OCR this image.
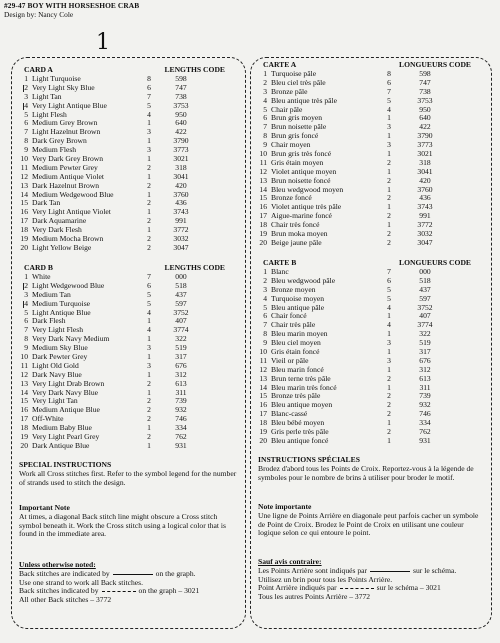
#29-47 BOY WITH HORSESHOE CRAB
Design by: Nancy Cole
1
CARD A	LENGTHS CODE
1 Light Turquoise	8	598
2 Very Light Sky Blue	6	747
3 Light Tan	7	738
4 Very Light Antique Blue	5	3753
5 Light Flesh	4	950
6 Medium Grey Brown	1	640
7 Light Hazelnut Brown	3	422
8 Dark Grey Brown	1	3790
9 Medium Flesh	3	3773
10 Very Dark Grey Brown	1	3021
11 Medium Pewter Grey	2	318
12 Medium Antique Violet	1	3041
13 Dark Hazelnut Brown	2	420
14 Medium Wedgewood Blue	1	3760
15 Dark Tan	2	436
16 Very Light Antique Violet	1	3743
17 Dark Aquamarine	2	991
18 Very Dark Flesh	1	3772
19 Medium Mocha Brown	2	3032
20 Light Yellow Beige	2	3047
CARD B	LENGTHS CODE
1 White	7	000
2 Light Wedgewood Blue	6	518
3 Medium Tan	5	437
4 Medium Turquoise	5	597
5 Light Antique Blue	4	3752
6 Dark Flesh	1	407
7 Very Light Flesh	4	3774
8 Very Dark Navy Medium	1	322
9 Medium Sky Blue	3	519
10 Dark Pewter Grey	1	317
11 Light Old Gold	3	676
12 Dark Navy Blue	1	312
13 Very Light Drab Brown	2	613
14 Very Dark Navy Blue	1	311
15 Very Light Tan	2	739
16 Medium Antique Blue	2	932
17 Off-White	2	746
18 Medium Baby Blue	1	334
19 Very Light Pearl Grey	2	762
20 Dark Antique Blue	1	931
SPECIAL INSTRUCTIONS

Work all Cross stitches first. Refer to the symbol legend for the number of strands used to stitch the design.

Important Note

At times, a diagonal Back stitch line might obscure a Cross stitch symbol beneath it. Work the Cross stitch using a logical color that is found in the immediate area.

Unless otherwise noted:

Back stitches are indicated by	on the graph.

Use one strand to work all Back stitches.

Back stitches indicated by	on the graph – 3021

All other Back stitches – 3772

CARTE A	LONGUEURS CODE
1 Turquoise pâle	8	598
2 Bleu ciel très pâle	6	747
3 Bronze pâle	7	738
4 Bleu antique très pâle	5	3753
5 Chair pâle	4	950
6 Brun gris moyen	1	640
7 Brun noisette pâle	3	422
8 Brun gris foncé	1	3790
9 Chair moyen	3	3773
10 Brun gris très foncé	1	3021
11 Gris étain moyen	2	318
12 Violet antique moyen	1	3041
13 Brun noisette foncé	2	420
14 Bleu wedgwood moyen	1	3760
15 Bronze foncé	2	436
16 Violet antique très pâle	1	3743
17 Aigue-marine foncé	2	991
18 Chair très foncé	1	3772
19 Brun moka moyen	2	3032
20 Beige jaune pâle	2	3047
CARTE B	LONGUEURS CODE
1 Blanc	7	000
2 Bleu wedgwood pâle	6	518
3 Bronze moyen	5	437
4 Turquoise moyen	5	597
5 Bleu antique pâle	4	3752
6 Chair foncé	1	407
7 Chair très pâle	4	3774
8 Bleu marin moyen	1	322
9 Bleu ciel moyen	3	519
10 Gris étain foncé	1	317
11 Vieil or pâle	3	676
12 Bleu marin foncé	1	312
13 Brun terne très pâle	2	613
14 Bleu marin très foncé	1	311
15 Bronze très pâle	2	739
16 Bleu antique moyen	2	932
17 Blanc-cassé	2	746
18 Bleu bébé moyen	1	334
19 Gris perle très pâle	2	762
20 Bleu antique foncé	1	931
INSTRUCTIONS SPÉCIALES

Brodez d'abord tous les Points de Croix. Reportez-vous à la légende de symboles pour le nombre de brins à utiliser pour broder le motif.

Note importante

Une ligne de Points Arrière en diagonale peut parfois cacher un symbole de Point de Croix. Brodez le Point de Croix en utilisant une couleur logique selon ce qui entoure le point.

Sauf avis contraire:

Les Points Arrière sont indiqués par	sur le schéma.

Utilisez un brin pour tous les Points Arrière.

Point Arrière indiqués par	sur le schéma – 3021

Tous les autres Points Arrière – 3772
